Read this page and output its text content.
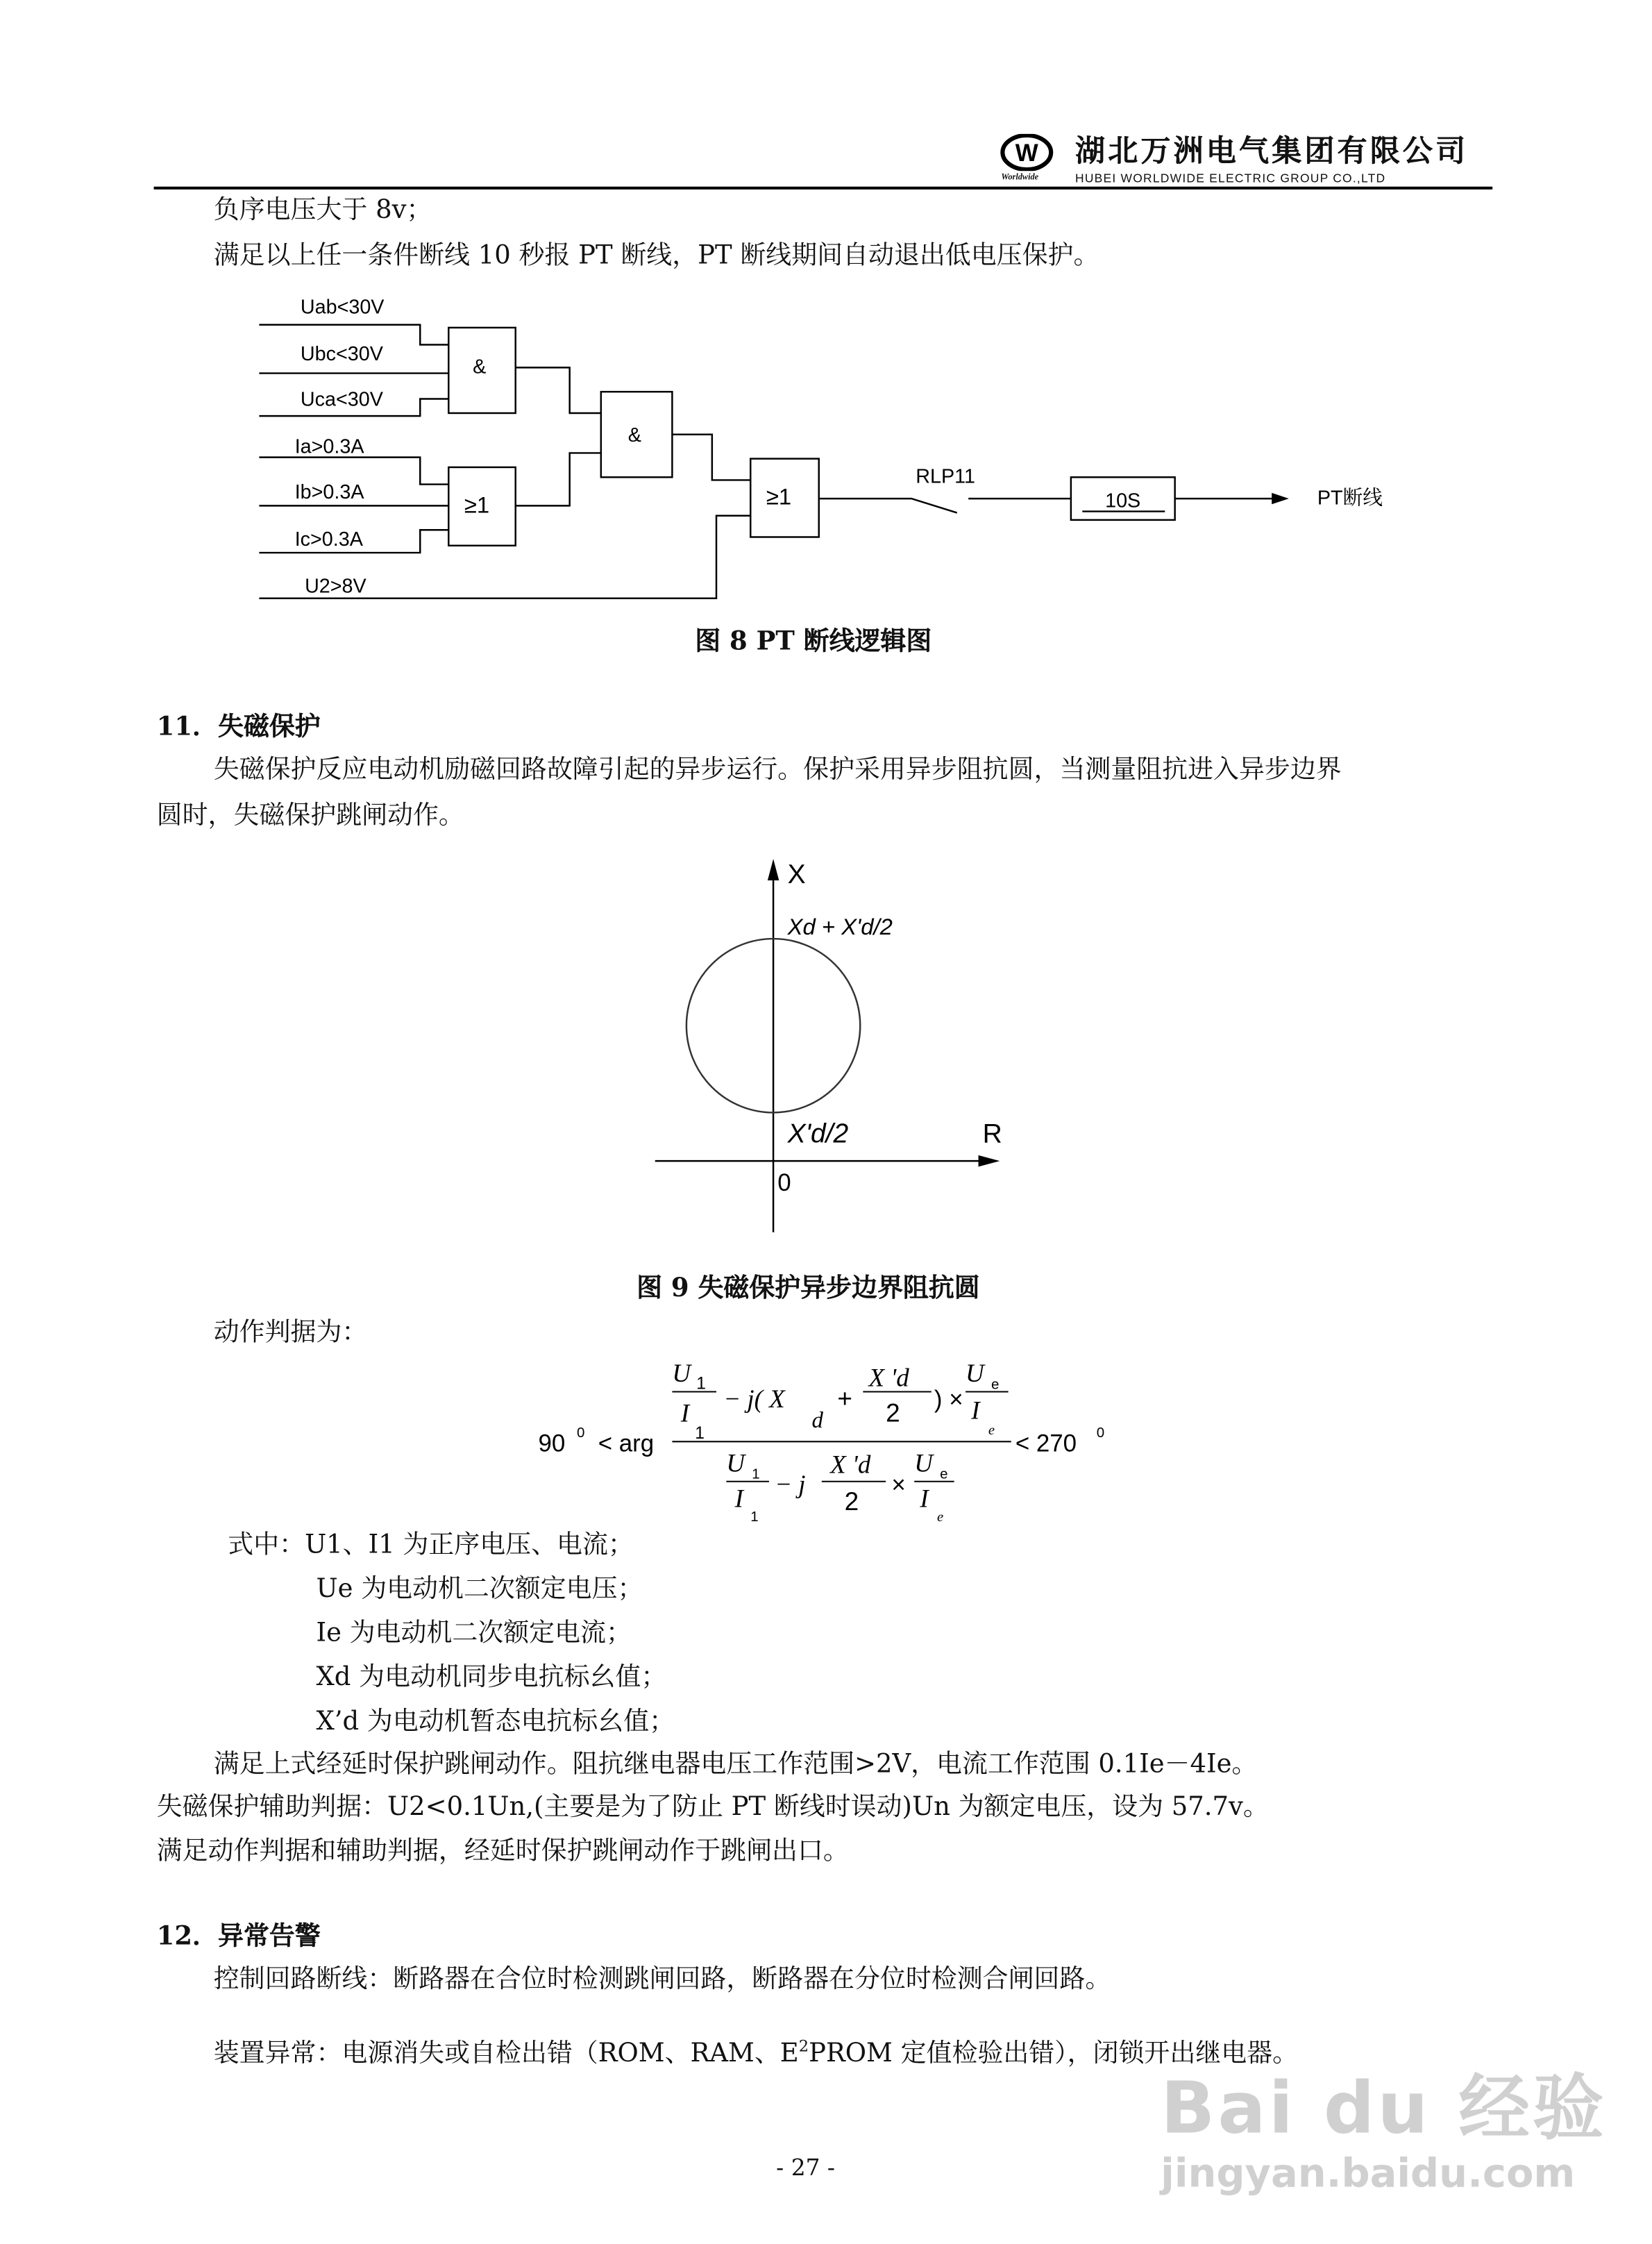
W
Worldwide
湖北万洲电气集团有限公司
HUBEI WORLDWIDE ELECTRIC GROUP CO.,LTD
负序电压大于 8v；
满足以上任一条件断线 10 秒报 PT 断线，PT 断线期间自动退出低电压保护。
Uab<30V
Ubc<30V
Uca<30V
Ia>0.3A
Ib>0.3A
Ic>0.3A
U2>8V
&
&
≥1	≥1
RLP11
10S	PT断线
图 8 PT 断线逻辑图
11．失磁保护
失磁保护反应电动机励磁回路故障引起的异步运行。保护采用异步阻抗圆，当测量阻抗进入异步边界
圆时，失磁保护跳闸动作。
X
R
0
Xd + X'd/2
X'd/2
图 9 失磁保护异步边界阻抗圆
动作判据为：
90 0 < arg	< 270	0
U 1
I
1
− j( X
d
+
X 'd
2	) ×
U e
I
e
U 1
I
1
− j
X 'd
2
×
U e
I
e
式中：U1、I1 为正序电压、电流；
Ue 为电动机二次额定电压；
Ie 为电动机二次额定电流；
Xd 为电动机同步电抗标幺值；
X’d 为电动机暂态电抗标幺值；
满足上式经延时保护跳闸动作。阻抗继电器电压工作范围>2V，电流工作范围 0.1Ie－4Ie。
失磁保护辅助判据：U2<0.1Un,(主要是为了防止 PT 断线时误动)Un 为额定电压，设为 57.7v。
满足动作判据和辅助判据，经延时保护跳闸动作于跳闸出口。
12．异常告警
控制回路断线：断路器在合位时检测跳闸回路，断路器在分位时检测合闸回路。
装置异常：电源消失或自检出错（ROM、RAM、$E^2PROM$ 定值检验出错），闭锁开出继电器。
- 27 -
Bai du 经验
jingyan.baidu.com
